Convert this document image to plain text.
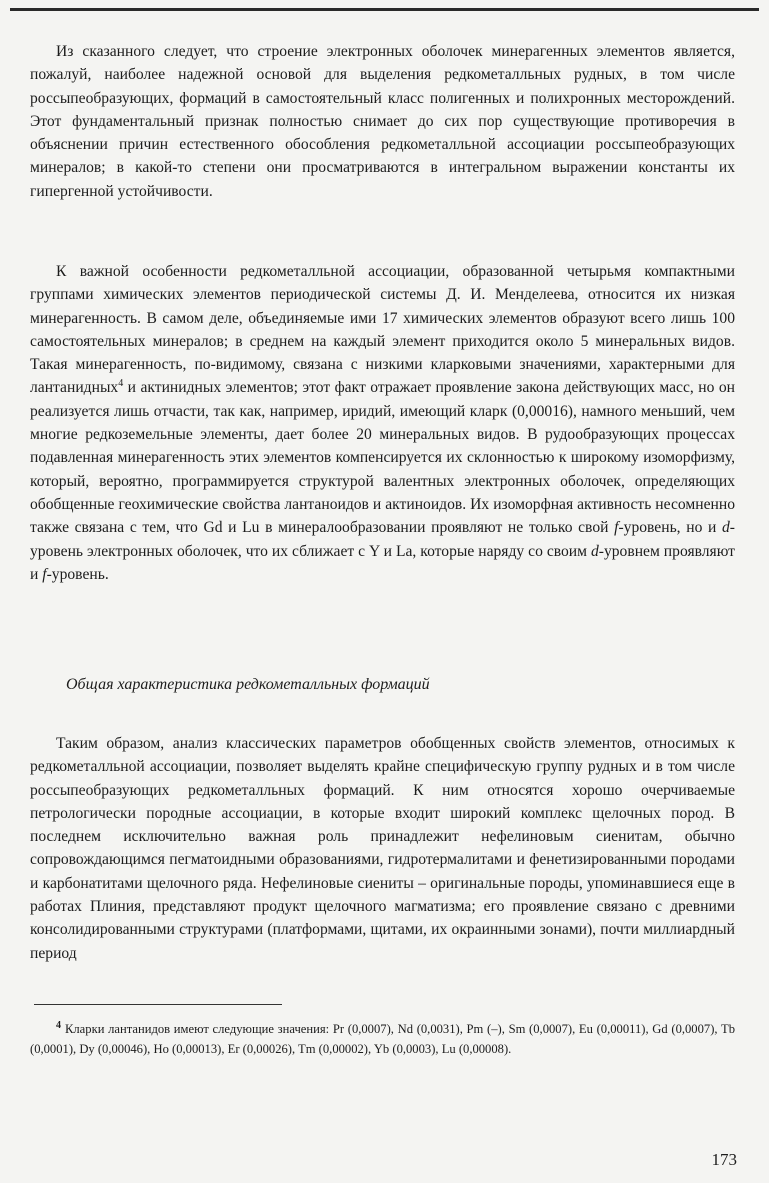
Из сказанного следует, что строение электронных оболочек минерагенных элементов является, пожалуй, наиболее надежной основой для выделения редкометалльных рудных, в том числе россыпеобразующих, формаций в самостоятельный класс полигенных и полихронных месторождений. Этот фундаментальный признак полностью снимает до сих пор существующие противоречия в объяснении причин естественного обособления редкометалльной ассоциации россыпеобразующих минералов; в какой-то степени они просматриваются в интегральном выражении константы их гипергенной устойчивости.

К важной особенности редкометалльной ассоциации, образованной четырьмя компактными группами химических элементов периодической системы Д. И. Менделеева, относится их низкая минерагенность. В самом деле, объединяемые ими 17 химических элементов образуют всего лишь 100 самостоятельных минералов; в среднем на каждый элемент приходится около 5 минеральных видов. Такая минерагенность, по-видимому, связана с низкими кларковыми значениями, характерными для лантанидных$^4$ и актинидных элементов; этот факт отражает проявление закона действующих масс, но он реализуется лишь отчасти, так как, например, иридий, имеющий кларк (0,00016), намного меньший, чем многие редкоземельные элементы, дает более 20 минеральных видов. В рудообразующих процессах подавленная минерагенность этих элементов компенсируется их склонностью к широкому изоморфизму, который, вероятно, программируется структурой валентных электронных оболочек, определяющих обобщенные геохимические свойства лантаноидов и актиноидов. Их изоморфная активность несомненно также связана с тем, что Gd и Lu в минералообразовании проявляют не только свой f-уровень, но и d-уровень электронных оболочек, что их сближает с Y и La, которые наряду со своим d-уровнем проявляют и f-уровень.

Общая характеристика редкометалльных формаций

Таким образом, анализ классических параметров обобщенных свойств элементов, относимых к редкометалльной ассоциации, позволяет выделять крайне специфическую группу рудных и в том числе россыпеобразующих редкометалльных формаций. К ним относятся хорошо очерчиваемые петрологически породные ассоциации, в которые входит широкий комплекс щелочных пород. В последнем исключительно важная роль принадлежит нефелиновым сиенитам, обычно сопровождающимся пегматоидными образованиями, гидротермалитами и фенетизированными породами и карбонатитами щелочного ряда. Нефелиновые сиениты – оригинальные породы, упоминавшиеся еще в работах Плиния, представляют продукт щелочного магматизма; его проявление связано с древними консолидированными структурами (платформами, щитами, их окраинными зонами), почти миллиардный период

$^4$ Кларки лантанидов имеют следующие значения: Pr (0,0007), Nd (0,0031), Pm (–), Sm (0,0007), Eu (0,00011), Gd (0,0007), Tb (0,0001), Dy (0,00046), Ho (0,00013), Er (0,00026), Tm (0,00002), Yb (0,0003), Lu (0,00008).

173
